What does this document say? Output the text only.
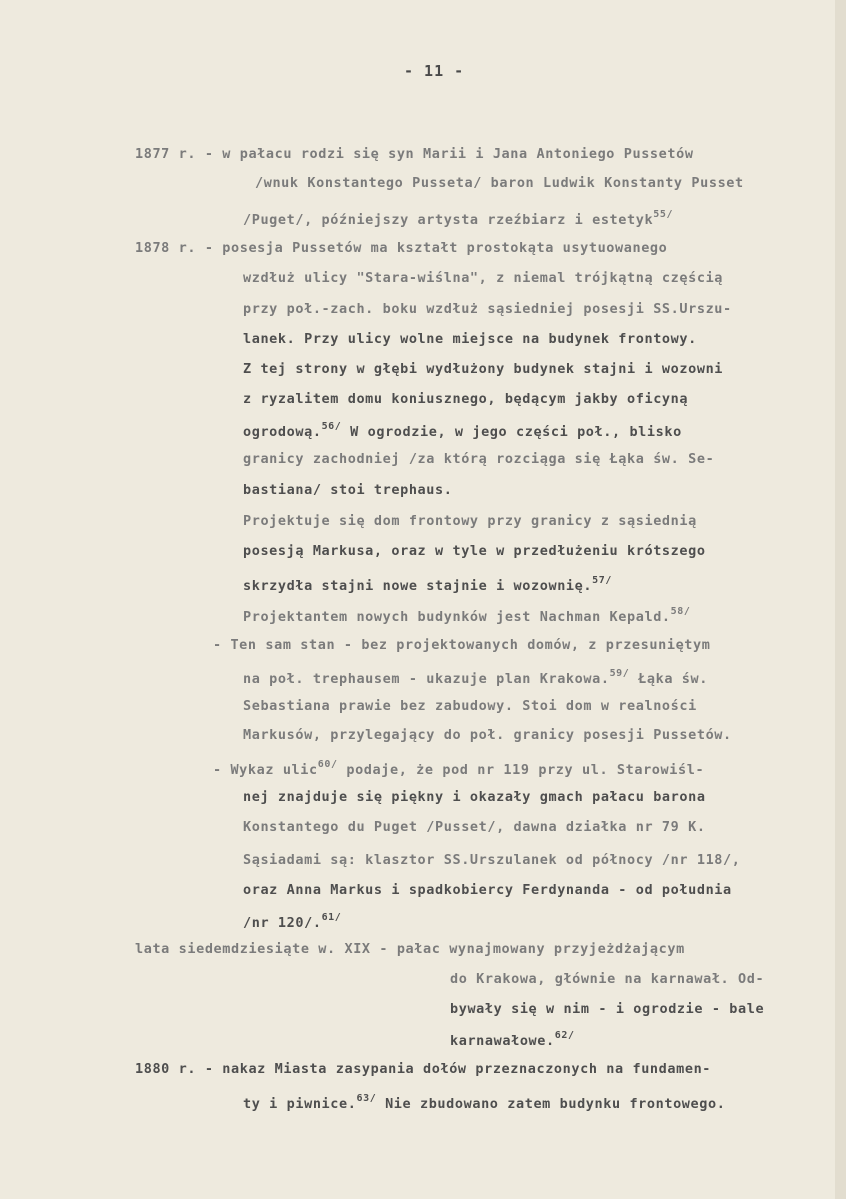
- 11 -
1877 r. - w pałacu rodzi się syn Marii i Jana Antoniego Pussetów
/wnuk Konstantego Pusseta/ baron Ludwik Konstanty Pusset
/Puget/, późniejszy artysta rzeźbiarz i estetyk$^{55/}$
1878 r. - posesja Pussetów ma kształt prostokąta usytuowanego
wzdłuż ulicy "Stara-wiślna", z niemal trójkątną częścią
przy poł.-zach. boku wzdłuż sąsiedniej posesji SS.Urszu-
lanek. Przy ulicy wolne miejsce na budynek frontowy.
Z tej strony w głębi wydłużony budynek stajni i wozowni
z ryzalitem domu koniusznego, będącym jakby oficyną
ogrodową.$^{56/}$ W ogrodzie, w jego części poł., blisko
granicy zachodniej /za którą rozciąga się Łąka św. Se-
bastiana/ stoi trephaus.
Projektuje się dom frontowy przy granicy z sąsiednią
posesją Markusa, oraz w tyle w przedłużeniu krótszego
skrzydła stajni nowe stajnie i wozownię.$^{57/}$
Projektantem nowych budynków jest Nachman Kepald.$^{58/}$
- Ten sam stan - bez projektowanych domów, z przesuniętym
na poł. trephausem - ukazuje plan Krakowa.$^{59/}$ Łąka św.
Sebastiana prawie bez zabudowy. Stoi dom w realności
Markusów, przylegający do poł. granicy posesji Pussetów.
- Wykaz ulic$^{60/}$ podaje, że pod nr 119 przy ul. Starowiśl-
nej znajduje się piękny i okazały gmach pałacu barona
Konstantego du Puget /Pusset/, dawna działka nr 79 K.
Sąsiadami są: klasztor SS.Urszulanek od północy /nr 118/,
oraz Anna Markus i spadkobiercy Ferdynanda - od południa
/nr 120/.$^{61/}$
lata siedemdziesiąte w. XIX - pałac wynajmowany przyjeżdżającym
do Krakowa, głównie na karnawał. Od-
bywały się w nim - i ogrodzie - bale
karnawałowe.$^{62/}$
1880 r. - nakaz Miasta zasypania dołów przeznaczonych na fundamen-
ty i piwnice.$^{63/}$ Nie zbudowano zatem budynku frontowego.
